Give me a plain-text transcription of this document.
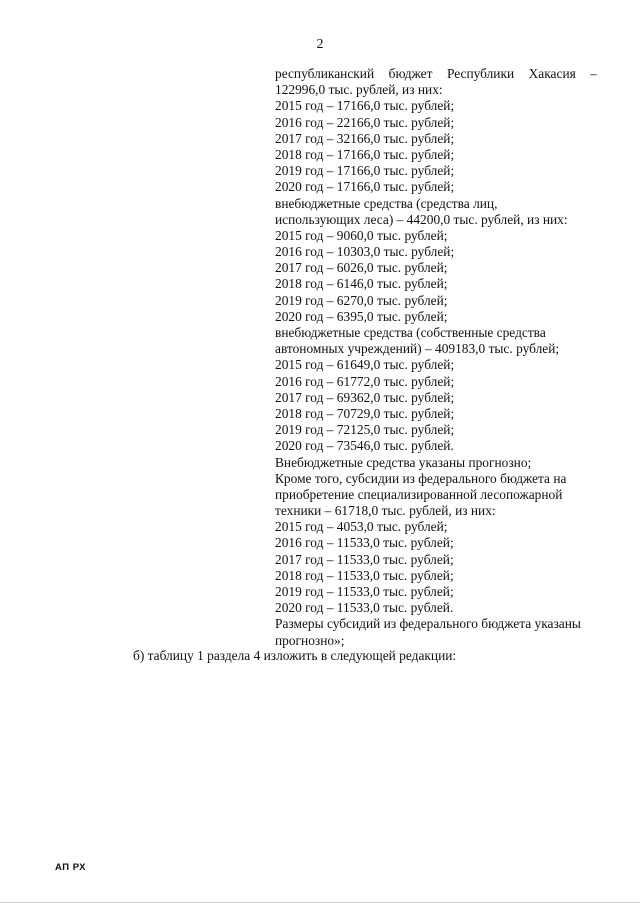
2
республиканский бюджет Республики Хакасия –
122996,0 тыс. рублей, из них:
2015 год – 17166,0 тыс. рублей;
2016 год – 22166,0 тыс. рублей;
2017 год – 32166,0 тыс. рублей;
2018 год – 17166,0 тыс. рублей;
2019 год – 17166,0 тыс. рублей;
2020 год – 17166,0 тыс. рублей;
внебюджетные средства (средства лиц,
использующих леса) – 44200,0 тыс. рублей, из них:
2015 год – 9060,0 тыс. рублей;
2016 год – 10303,0 тыс. рублей;
2017 год – 6026,0 тыс. рублей;
2018 год – 6146,0 тыс. рублей;
2019 год – 6270,0 тыс. рублей;
2020 год – 6395,0 тыс. рублей;
внебюджетные средства (собственные средства
автономных учреждений) – 409183,0 тыс. рублей;
2015 год – 61649,0 тыс. рублей;
2016 год – 61772,0 тыс. рублей;
2017 год – 69362,0 тыс. рублей;
2018 год – 70729,0 тыс. рублей;
2019 год – 72125,0 тыс. рублей;
2020 год – 73546,0 тыс. рублей.
Внебюджетные средства указаны прогнозно;
Кроме того, субсидии из федерального бюджета на
приобретение специализированной лесопожарной
техники – 61718,0 тыс. рублей, из них:
2015 год – 4053,0 тыс. рублей;
2016 год – 11533,0 тыс. рублей;
2017 год – 11533,0 тыс. рублей;
2018 год – 11533,0 тыс. рублей;
2019 год – 11533,0 тыс. рублей;
2020 год – 11533,0 тыс. рублей.
Размеры субсидий из федерального бюджета указаны
прогнозно»;
б) таблицу 1 раздела 4 изложить в следующей редакции:
АП РХ
